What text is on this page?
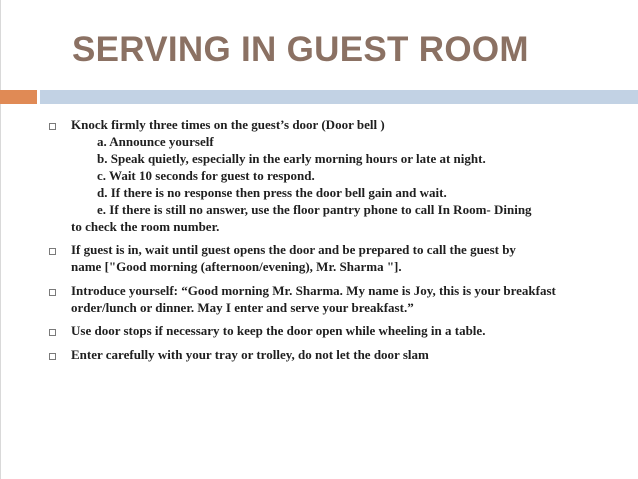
SERVING IN GUEST ROOM
Knock firmly three times on the guest’s door (Door bell )
a. Announce yourself
b. Speak quietly, especially in the early morning hours or late at night.
c. Wait 10 seconds for guest to respond.
d. If there is no response then press the door bell gain and wait.
e. If there is still no answer, use the floor pantry phone to call In Room- Dining
to check the room number.
If guest is in, wait until guest opens the door and be prepared to call the guest by
name ["Good morning (afternoon/evening), Mr. Sharma "].
Introduce yourself: “Good morning Mr. Sharma. My name is Joy, this is your breakfast
order/lunch or dinner. May I enter and serve your breakfast.”
Use door stops if necessary to keep the door open while wheeling in a table.
Enter carefully with your tray or trolley, do not let the door slam
